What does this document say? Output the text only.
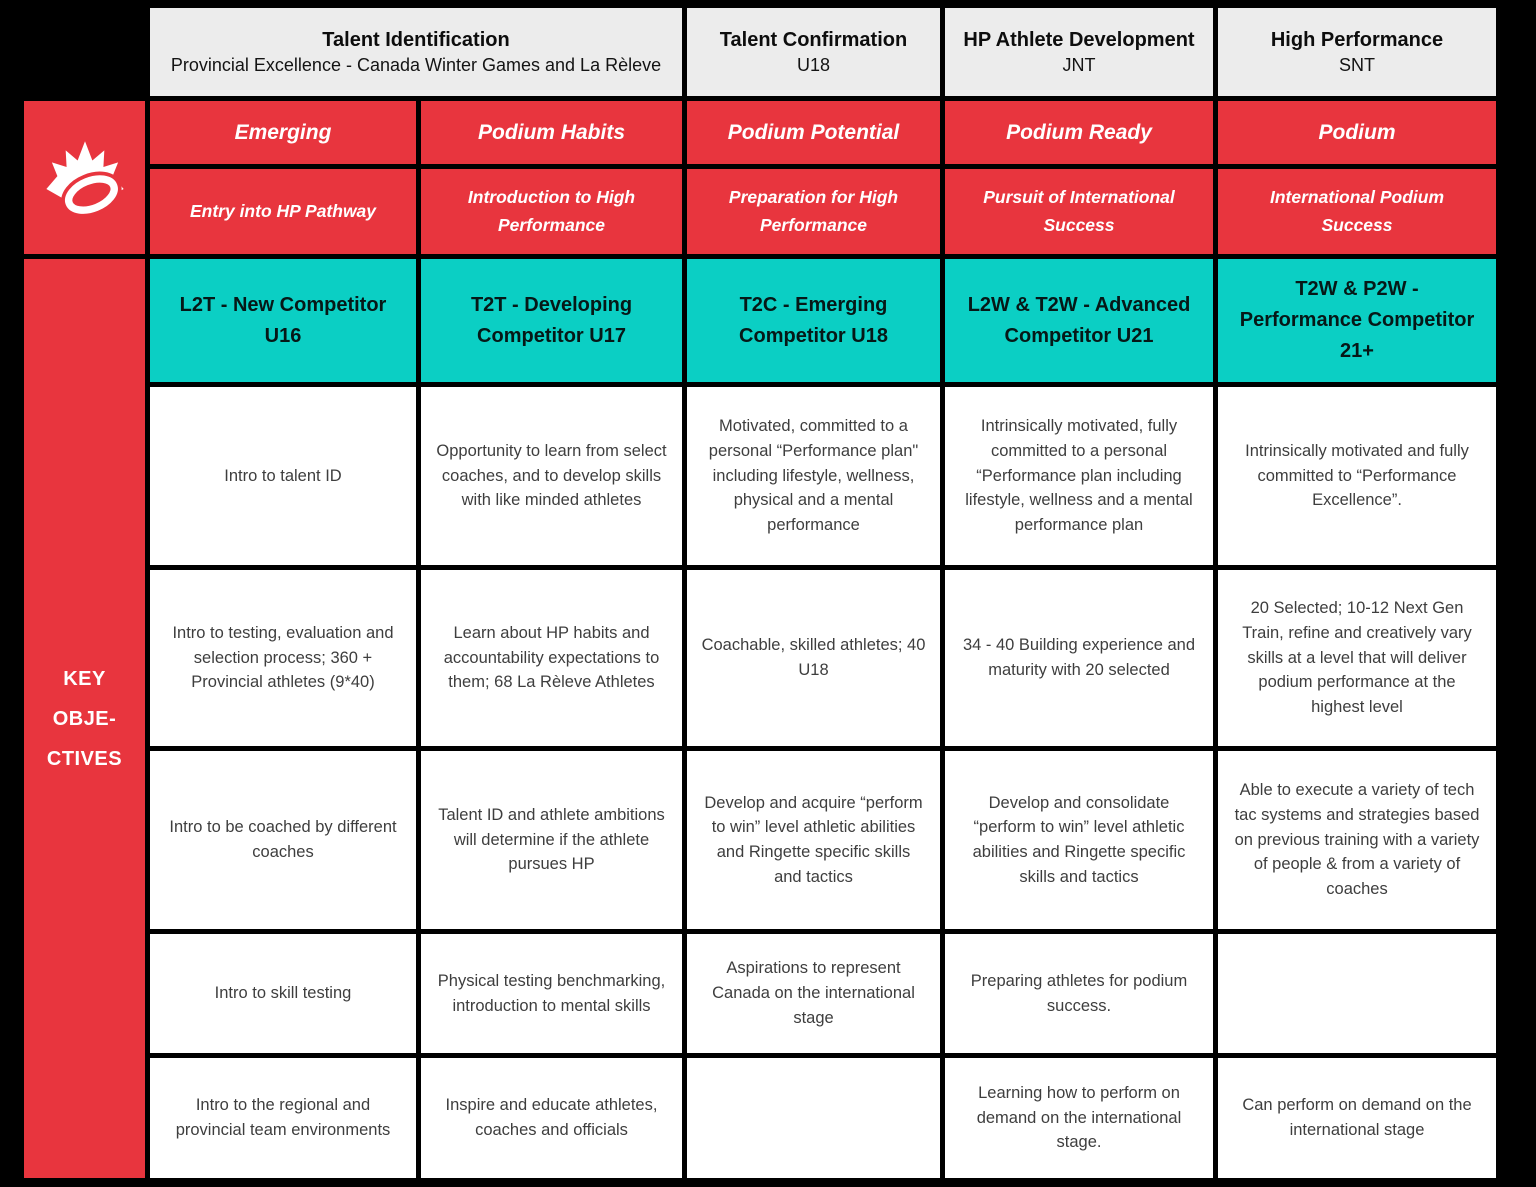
KEY
OBJE-
CTIVES
Talent Identification
Provincial Excellence - Canada Winter Games and La Rèleve
Talent Confirmation
U18
HP Athlete Development
JNT
High Performance
SNT
Emerging
Entry into HP Pathway
Podium Habits
Introduction to High Performance
Podium Potential
Preparation for High Performance
Podium Ready
Pursuit of International Success
Podium
International Podium Success
L2T - New Competitor U16
T2T - Developing Competitor U17
T2C - Emerging Competitor U18
L2W & T2W - Advanced Competitor U21
T2W & P2W - Performance Competitor 21+
Intro to talent ID
Opportunity to learn from select coaches, and to develop skills with like minded athletes
Motivated, committed to a personal “Performance plan" including lifestyle, wellness, physical and a mental performance
Intrinsically motivated, fully committed to a personal “Performance plan including lifestyle, wellness and a mental performance plan
Intrinsically motivated and fully committed to “Performance Excellence”.
Intro to testing, evaluation and selection process; 360 + Provincial athletes (9*40)
Learn about HP habits and accountability expectations to them; 68 La Rèleve Athletes
Coachable, skilled athletes; 40 U18
34 - 40 Building experience and maturity with 20 selected
20 Selected; 10-12 Next Gen Train, refine and creatively vary skills at a level that will deliver podium performance at the highest level
Intro to be coached by different coaches
Talent ID and athlete ambitions will determine if the athlete pursues HP
Develop and acquire “perform to win” level athletic abilities and Ringette specific skills and tactics
Develop and consolidate “perform to win” level athletic abilities and Ringette specific skills and tactics
Able to execute a variety of tech tac systems and strategies based on previous training with a variety of people & from a variety of coaches
Intro to skill testing
Physical testing benchmarking, introduction to mental skills
Aspirations to represent Canada on the international stage
Preparing athletes for podium success.
Intro to the regional and provincial team environments
Inspire and educate athletes, coaches and officials
Learning how to perform on demand on the international stage.
Can perform on demand on the international stage
